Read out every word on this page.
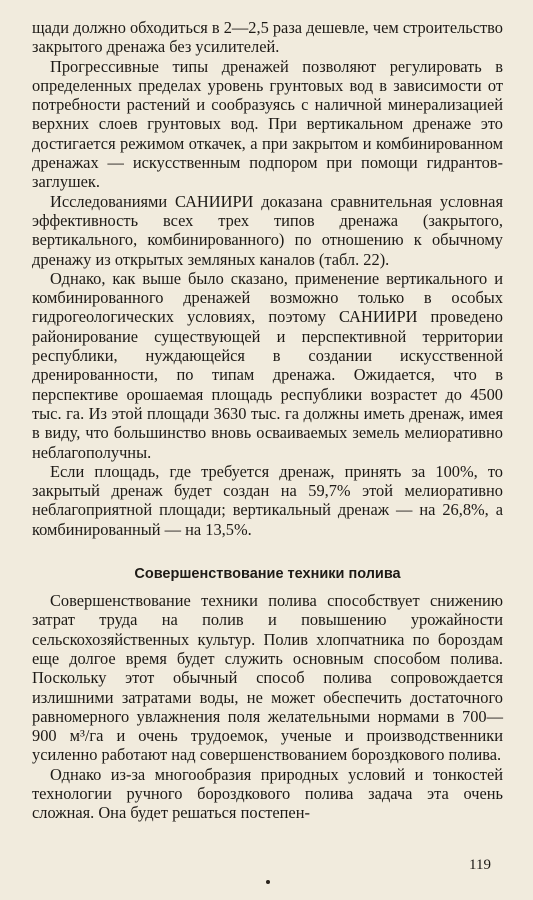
щади должно обходиться в 2—2,5 раза дешевле, чем строительство закрытого дренажа без усилителей.

Прогрессивные типы дренажей позволяют регулировать в определенных пределах уровень грунтовых вод в зависимости от потребности растений и сообразуясь с наличной минерализацией верхних слоев грунтовых вод. При вертикальном дренаже это достигается режимом откачек, а при закрытом и комбинированном дренажах — искусственным подпором при помощи гидрантов-заглушек.

Исследованиями САНИИРИ доказана сравнительная условная эффективность всех трех типов дренажа (закрытого, вертикального, комбинированного) по отношению к обычному дренажу из открытых земляных каналов (табл. 22).

Однако, как выше было сказано, применение вертикального и комбинированного дренажей возможно только в особых гидрогеологических условиях, поэтому САНИИРИ проведено районирование существующей и перспективной территории республики, нуждающейся в создании искусственной дренированности, по типам дренажа. Ожидается, что в перспективе орошаемая площадь республики возрастет до 4500 тыс. га. Из этой площади 3630 тыс. га должны иметь дренаж, имея в виду, что большинство вновь осваиваемых земель мелиоративно неблагополучны.

Если площадь, где требуется дренаж, принять за 100%, то закрытый дренаж будет создан на 59,7% этой мелиоративно неблагоприятной площади; вертикальный дренаж — на 26,8%, а комбинированный — на 13,5%.

Совершенствование техники полива

Совершенствование техники полива способствует снижению затрат труда на полив и повышению урожайности сельскохозяйственных культур. Полив хлопчатника по бороздам еще долгое время будет служить основным способом полива. Поскольку этот обычный способ полива сопровождается излишними затратами воды, не может обеспечить достаточного равномерного увлажнения поля желательными нормами в 700—900 м³/га и очень трудоемок, ученые и производственники усиленно работают над совершенствованием бороздкового полива.

Однако из-за многообразия природных условий и тонкостей технологии ручного бороздкового полива задача эта очень сложная. Она будет решаться постепен-

119
